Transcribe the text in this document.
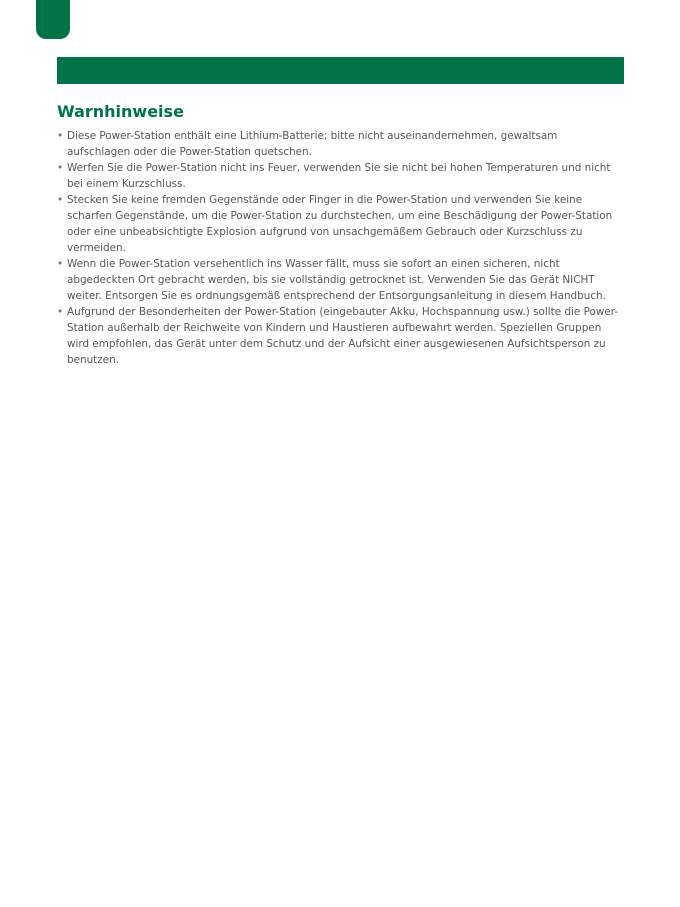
Warnhinweise
• Diese Power-Station enthält eine Lithium-Batterie; bitte nicht auseinandernehmen, gewaltsam aufschlagen oder die Power-Station quetschen.
• Werfen Sie die Power-Station nicht ins Feuer, verwenden Sie sie nicht bei hohen Temperaturen und nicht bei einem Kurzschluss.
• Stecken Sie keine fremden Gegenstände oder Finger in die Power-Station und verwenden Sie keine scharfen Gegenstände, um die Power-Station zu durchstechen, um eine Beschädigung der Power-Station oder eine unbeabsichtigte Explosion aufgrund von unsachgemäßem Gebrauch oder Kurzschluss zu vermeiden.
• Wenn die Power-Station versehentlich ins Wasser fällt, muss sie sofort an einen sicheren, nicht abgedeckten Ort gebracht werden, bis sie vollständig getrocknet ist. Verwenden Sie das Gerät NICHT weiter. Entsorgen Sie es ordnungsgemäß entsprechend der Entsorgungsanleitung in diesem Handbuch.
• Aufgrund der Besonderheiten der Power-Station (eingebauter Akku, Hochspannung usw.) sollte die Power-Station außerhalb der Reichweite von Kindern und Haustieren aufbewahrt werden. Speziellen Gruppen wird empfohlen, das Gerät unter dem Schutz und der Aufsicht einer ausgewiesenen Aufsichtsperson zu benutzen.
